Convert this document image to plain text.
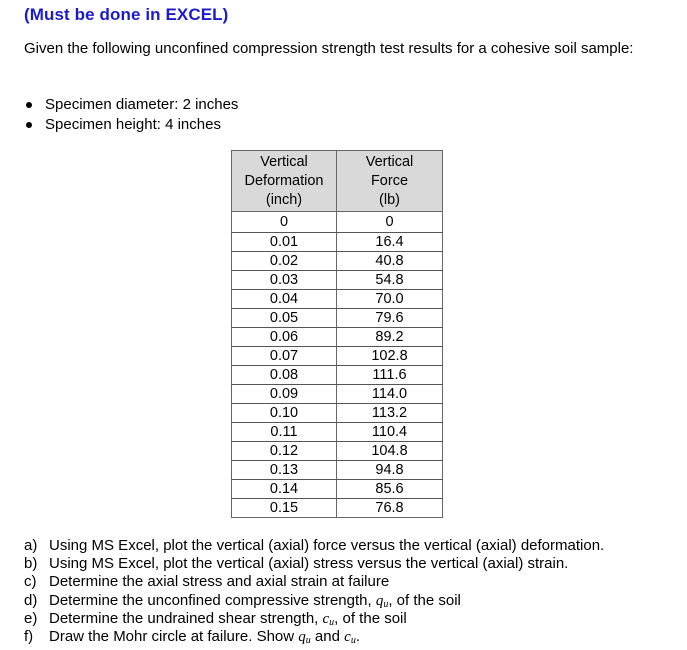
(Must be done in EXCEL)
Given the following unconfined compression strength test results for a cohesive soil sample:
Specimen diameter: 2 inches
Specimen height: 4 inches
Vertical
Deformation
(inch)	Vertical
Force
(lb)
0	0
0.01	16.4
0.02	40.8
0.03	54.8
0.04	70.0
0.05	79.6
0.06	89.2
0.07	102.8
0.08	111.6
0.09	114.0
0.10	113.2
0.11	110.4
0.12	104.8
0.13	94.8
0.14	85.6
0.15	76.8
a) Using MS Excel, plot the vertical (axial) force versus the vertical (axial) deformation.
b) Using MS Excel, plot the vertical (axial) stress versus the vertical (axial) strain.
c) Determine the axial stress and axial strain at failure
d) Determine the unconfined compressive strength, $q_u$, of the soil
e) Determine the undrained shear strength, $c_u$, of the soil
f) Draw the Mohr circle at failure. Show $q_u$ and $c_u$.
